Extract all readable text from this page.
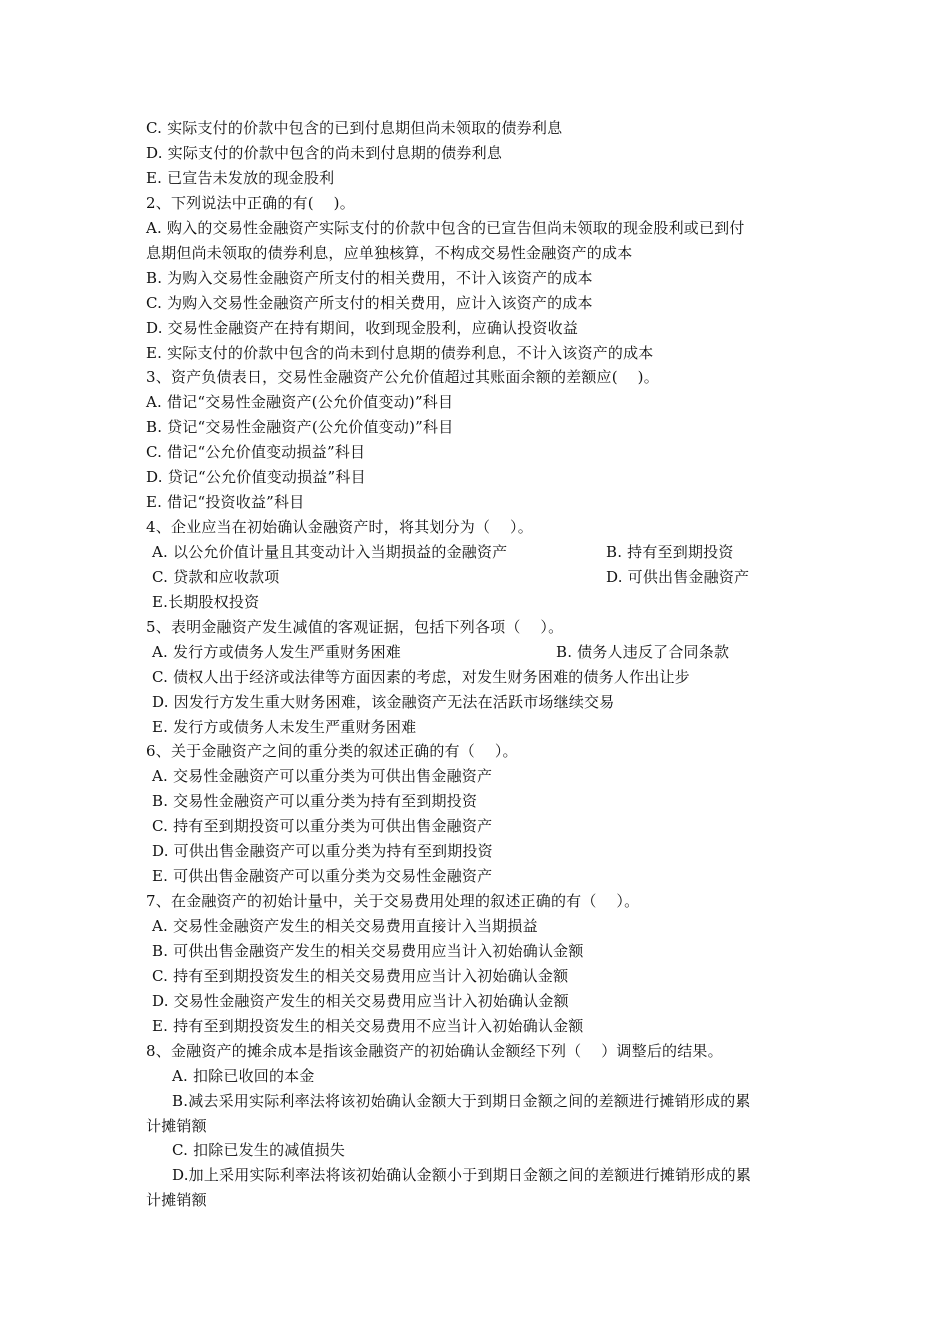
C. 实际支付的价款中包含的已到付息期但尚未领取的债券利息
D. 实际支付的价款中包含的尚未到付息期的债券利息
E. 已宣告未发放的现金股利
2、下列说法中正确的有(    )。
A. 购入的交易性金融资产实际支付的价款中包含的已宣告但尚未领取的现金股利或已到付
息期但尚未领取的债券利息，应单独核算，不构成交易性金融资产的成本
B. 为购入交易性金融资产所支付的相关费用，不计入该资产的成本
C. 为购入交易性金融资产所支付的相关费用，应计入该资产的成本
D. 交易性金融资产在持有期间，收到现金股利，应确认投资收益
E. 实际支付的价款中包含的尚未到付息期的债券利息，不计入该资产的成本
3、资产负债表日，交易性金融资产公允价值超过其账面余额的差额应(    )。
A. 借记“交易性金融资产(公允价值变动)”科目
B. 贷记“交易性金融资产(公允价值变动)”科目
C. 借记“公允价值变动损益”科目
D. 贷记“公允价值变动损益”科目
E. 借记“投资收益”科目
4、企业应当在初始确认金融资产时，将其划分为（    ）。
A. 以公允价值计量且其变动计入当期损益的金融资产	B. 持有至到期投资
C. 贷款和应收款项	D. 可供出售金融资产
E.长期股权投资
5、表明金融资产发生减值的客观证据，包括下列各项（    ）。
A. 发行方或债务人发生严重财务困难	B. 债务人违反了合同条款
C. 债权人出于经济或法律等方面因素的考虑，对发生财务困难的债务人作出让步
D. 因发行方发生重大财务困难，该金融资产无法在活跃市场继续交易
E. 发行方或债务人未发生严重财务困难
6、关于金融资产之间的重分类的叙述正确的有（    ）。
A. 交易性金融资产可以重分类为可供出售金融资产
B. 交易性金融资产可以重分类为持有至到期投资
C. 持有至到期投资可以重分类为可供出售金融资产
D. 可供出售金融资产可以重分类为持有至到期投资
E. 可供出售金融资产可以重分类为交易性金融资产
7、在金融资产的初始计量中，关于交易费用处理的叙述正确的有（    ）。
A. 交易性金融资产发生的相关交易费用直接计入当期损益
B. 可供出售金融资产发生的相关交易费用应当计入初始确认金额
C. 持有至到期投资发生的相关交易费用应当计入初始确认金额
D. 交易性金融资产发生的相关交易费用应当计入初始确认金额
E. 持有至到期投资发生的相关交易费用不应当计入初始确认金额
8、金融资产的摊余成本是指该金融资产的初始确认金额经下列（    ）调整后的结果。
A. 扣除已收回的本金
B.减去采用实际利率法将该初始确认金额大于到期日金额之间的差额进行摊销形成的累
计摊销额
C. 扣除已发生的减值损失
D.加上采用实际利率法将该初始确认金额小于到期日金额之间的差额进行摊销形成的累
计摊销额
